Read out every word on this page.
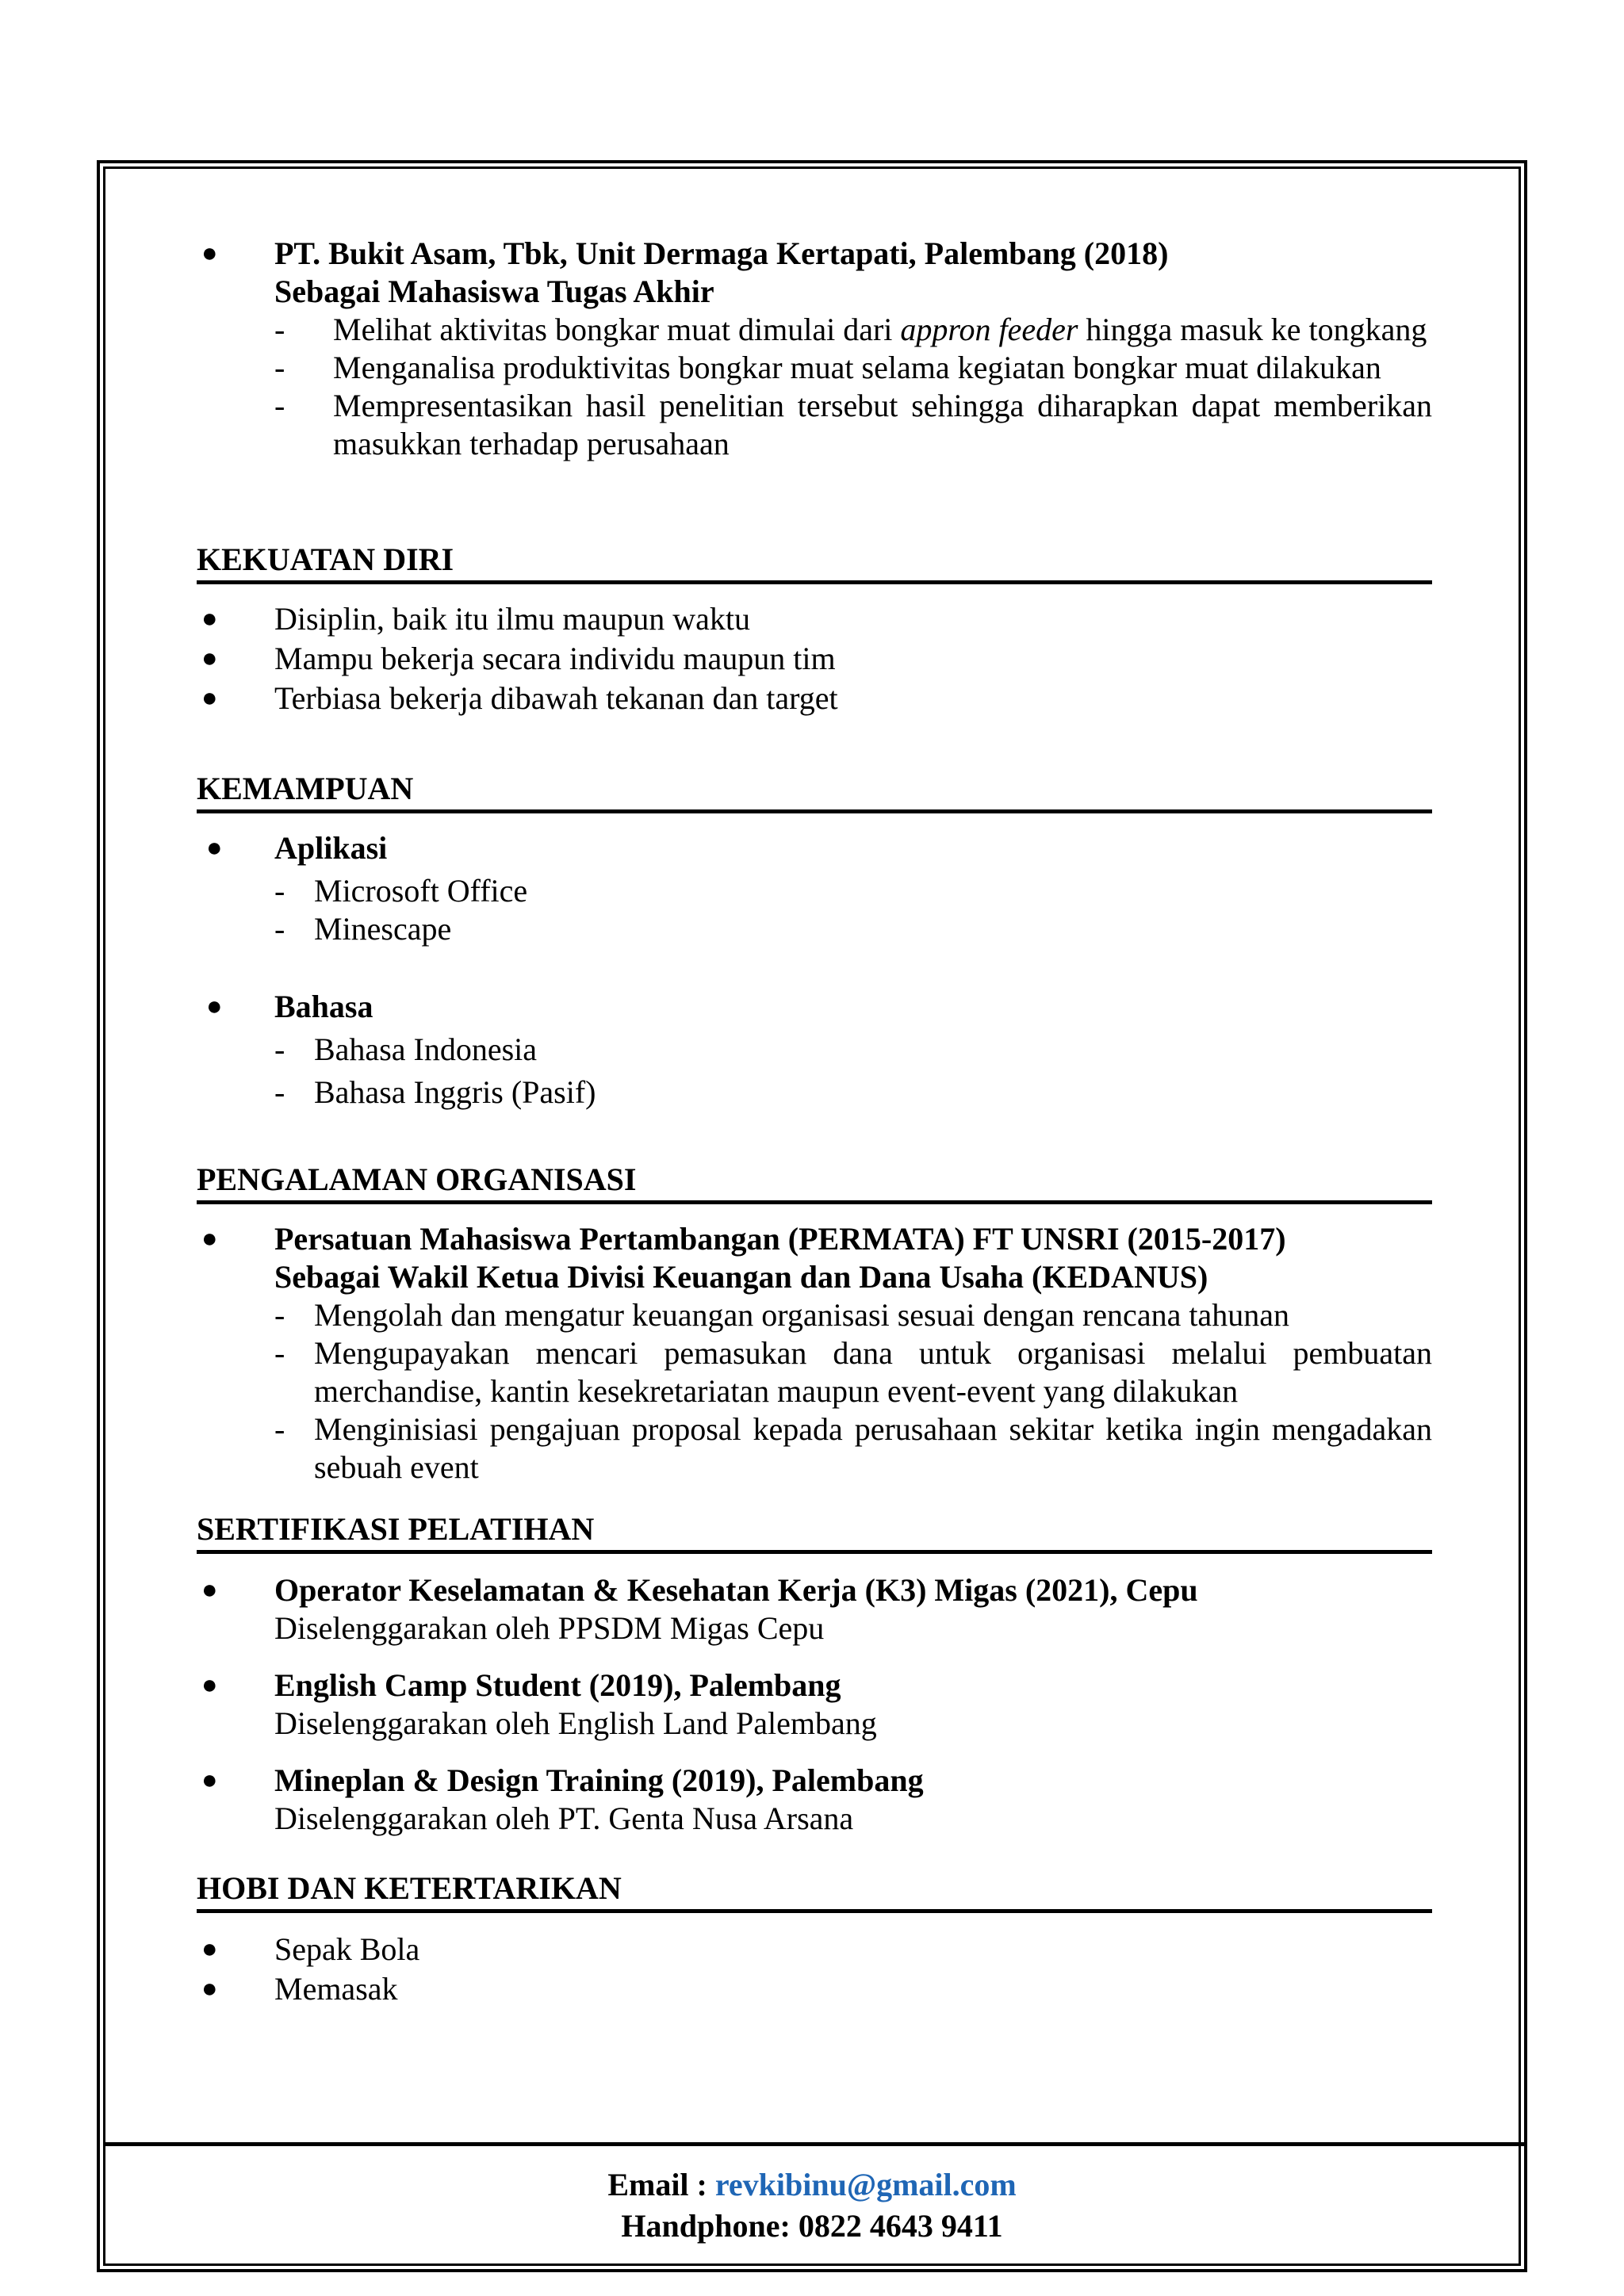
● PT. Bukit Asam, Tbk, Unit Dermaga Kertapati, Palembang (2018)
Sebagai Mahasiswa Tugas Akhir
- Melihat aktivitas bongkar muat dimulai dari appron feeder hingga masuk ke tongkang
- Menganalisa produktivitas bongkar muat selama kegiatan bongkar muat dilakukan
- Mempresentasikan hasil penelitian tersebut sehingga diharapkan dapat memberikan masukkan terhadap perusahaan
KEKUATAN DIRI
● Disiplin, baik itu ilmu maupun waktu
● Mampu bekerja secara individu maupun tim
● Terbiasa bekerja dibawah tekanan dan target
KEMAMPUAN
● Aplikasi
- Microsoft Office
- Minescape
● Bahasa
- Bahasa Indonesia
- Bahasa Inggris (Pasif)
PENGALAMAN ORGANISASI
● Persatuan Mahasiswa Pertambangan (PERMATA) FT UNSRI (2015-2017)
Sebagai Wakil Ketua Divisi Keuangan dan Dana Usaha (KEDANUS)
- Mengolah dan mengatur keuangan organisasi sesuai dengan rencana tahunan
- Mengupayakan mencari pemasukan dana untuk organisasi melalui pembuatan merchandise, kantin kesekretariatan maupun event-event yang dilakukan
- Menginisiasi pengajuan proposal kepada perusahaan sekitar ketika ingin mengadakan sebuah event
SERTIFIKASI PELATIHAN
● Operator Keselamatan & Kesehatan Kerja (K3) Migas (2021), Cepu
Diselenggarakan oleh PPSDM Migas Cepu
● English Camp Student (2019), Palembang
Diselenggarakan oleh English Land Palembang
● Mineplan & Design Training (2019), Palembang
Diselenggarakan oleh PT. Genta Nusa Arsana
HOBI DAN KETERTARIKAN
● Sepak Bola
● Memasak
Email : revkibinu@gmail.com
Handphone: 0822 4643 9411
